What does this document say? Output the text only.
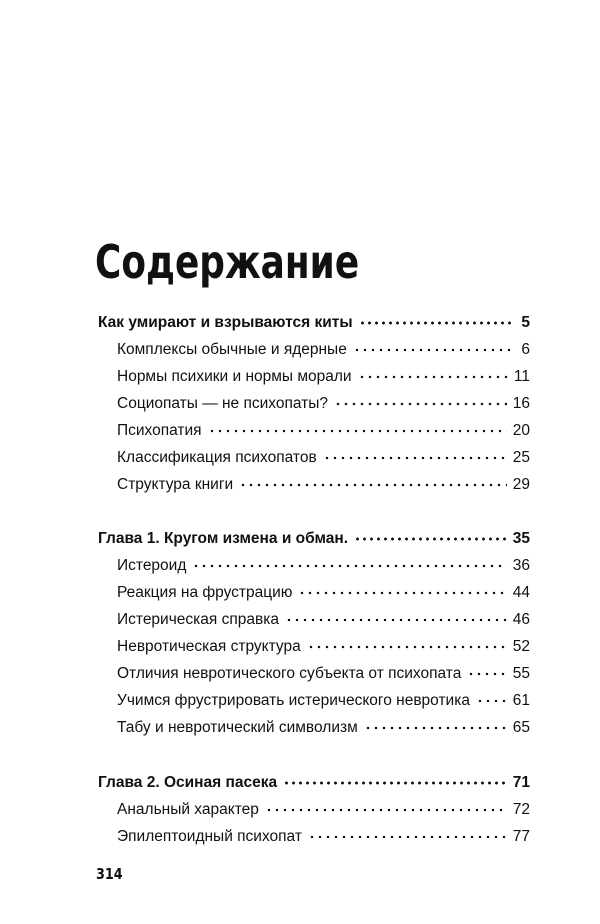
Содержание
Как умирают и взрываются киты	5
Комплексы обычные и ядерные	6
Нормы психики и нормы морали	11
Социопаты — не психопаты?	16
Психопатия	20
Классификация психопатов	25
Структура книги	29
Глава 1. Кругом измена и обман.	35
Истероид	36
Реакция на фрустрацию	44
Истерическая справка	46
Невротическая структура	52
Отличия невротического субъекта от психопата	55
Учимся фрустрировать истерического невротика	61
Табу и невротический символизм	65
Глава 2. Осиная пасека	71
Анальный характер	72
Эпилептоидный психопат	77
314
